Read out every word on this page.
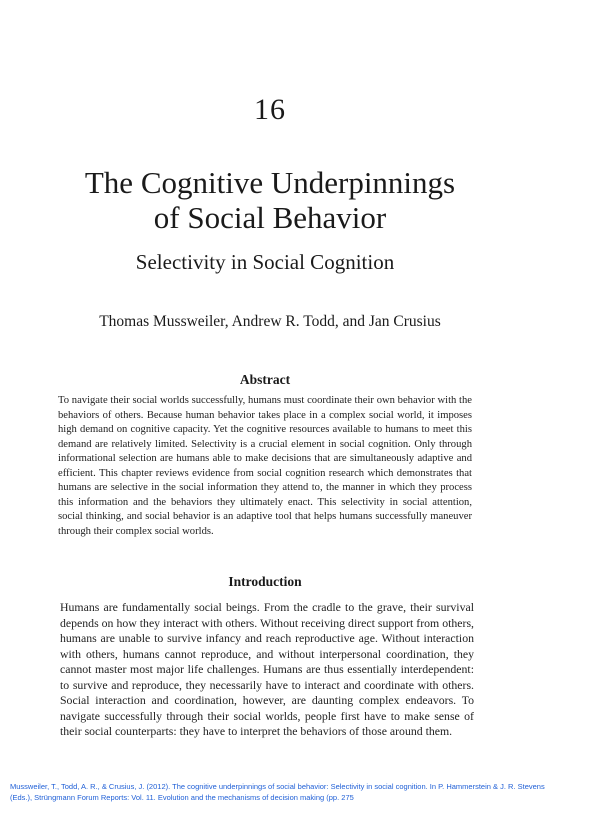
16
The Cognitive Underpinnings
of Social Behavior
Selectivity in Social Cognition
Thomas Mussweiler, Andrew R. Todd, and Jan Crusius
Abstract
To navigate their social worlds successfully, humans must coordinate their own behavior with the behaviors of others. Because human behavior takes place in a complex social world, it imposes high demand on cognitive capacity. Yet the cognitive resources available to humans to meet this demand are relatively limited. Selectivity is a crucial element in social cognition. Only through informational selection are humans able to make decisions that are simultaneously adaptive and efficient. This chapter reviews evidence from social cognition research which demonstrates that humans are selective in the social information they attend to, the manner in which they process this information and the behaviors they ultimately enact. This selectivity in social attention, social thinking, and social behavior is an adaptive tool that helps humans successfully maneuver through their complex social worlds.
Introduction
Humans are fundamentally social beings. From the cradle to the grave, their survival depends on how they interact with others. Without receiving direct support from others, humans are unable to survive infancy and reach reproductive age. Without interaction with others, humans cannot reproduce, and without interpersonal coordination, they cannot master most major life challenges. Humans are thus essentially interdependent: to survive and reproduce, they necessarily have to interact and coordinate with others. Social interaction and coordination, however, are daunting complex endeavors. To navigate successfully through their social worlds, people first have to make sense of their social counterparts: they have to interpret the behaviors of those around them.
Mussweiler, T., Todd, A. R., & Crusius, J. (2012). The cognitive underpinnings of social behavior: Selectivity in social cognition. In P. Hammerstein & J. R. Stevens
(Eds.), Strüngmann Forum Reports: Vol. 11. Evolution and the mechanisms of decision making (pp. 275
